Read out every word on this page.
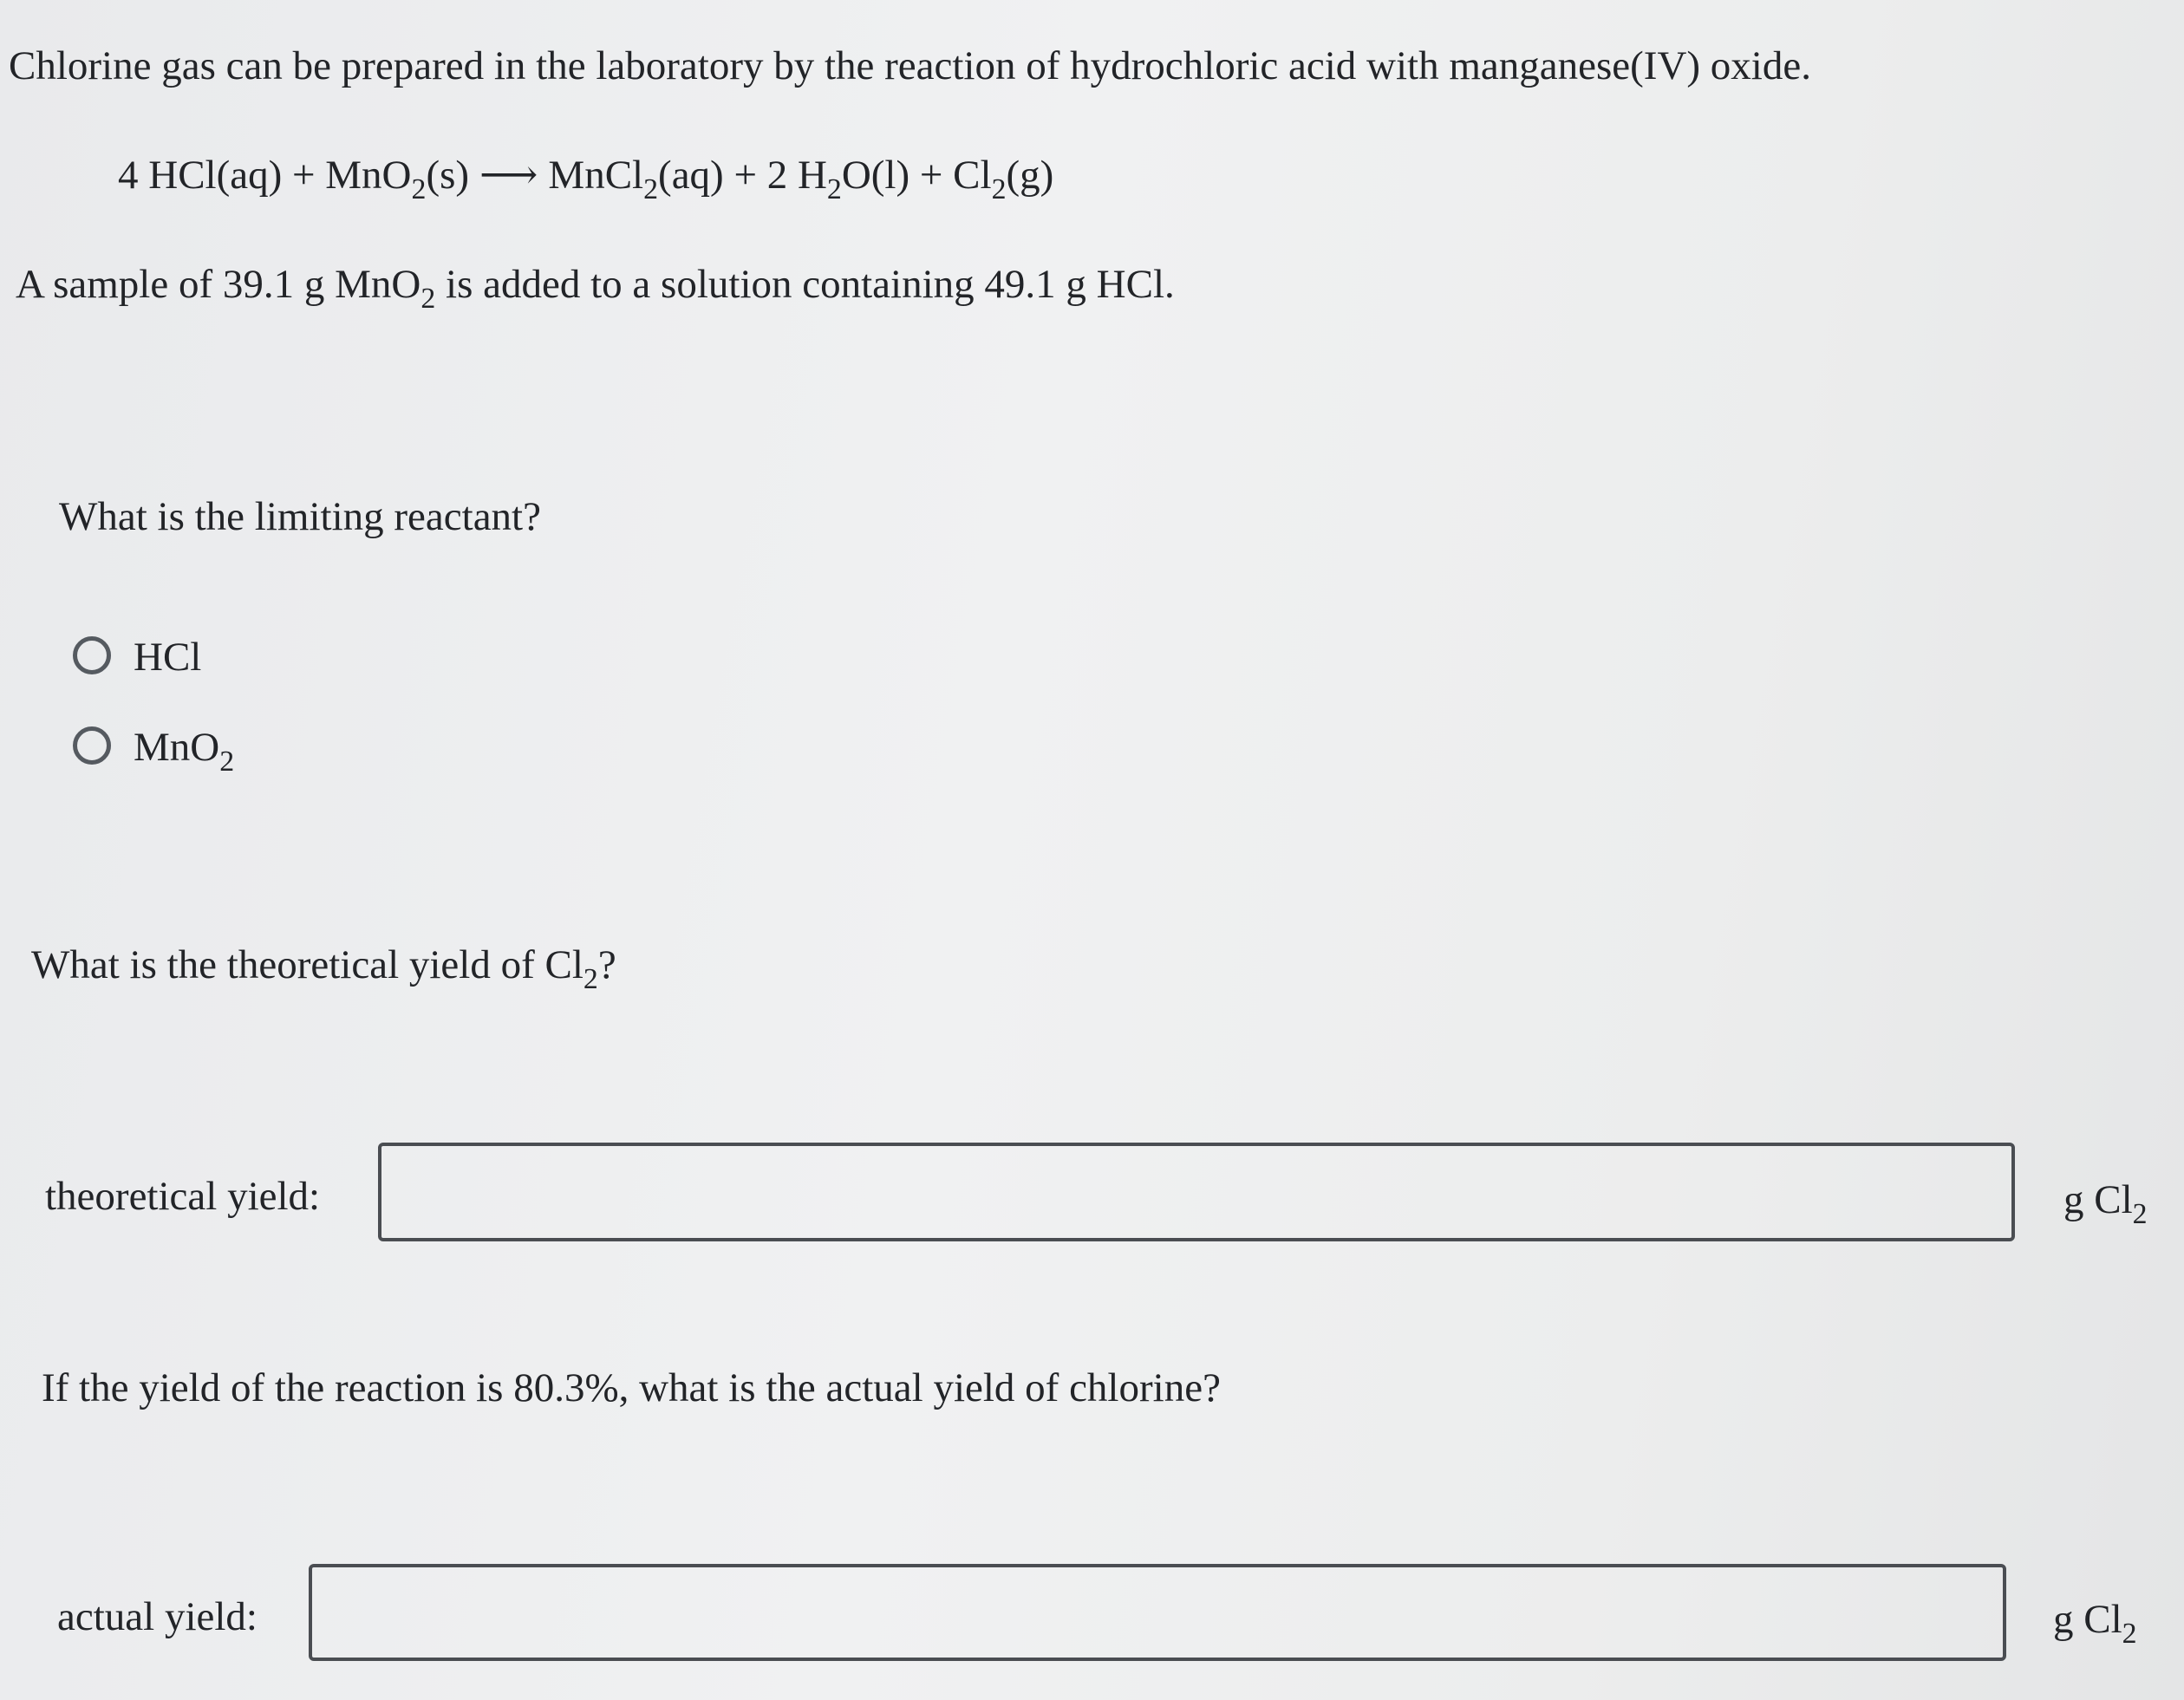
Chlorine gas can be prepared in the laboratory by the reaction of hydrochloric acid with manganese(IV) oxide.
4 HCl(aq) + MnO$_2$(s) ⟶ MnCl$_2$(aq) + 2 $H_2O(l) + Cl_2(g)$
A sample of 39.1 g MnO$_2$ is added to a solution containing 49.1 g HCl.
What is the limiting reactant?
HCl
MnO$_2$
What is the theoretical yield of $Cl_2$?
theoretical yield:	g $Cl_2$
If the yield of the reaction is 80.3%, what is the actual yield of chlorine?
actual yield:	g $Cl_2$
